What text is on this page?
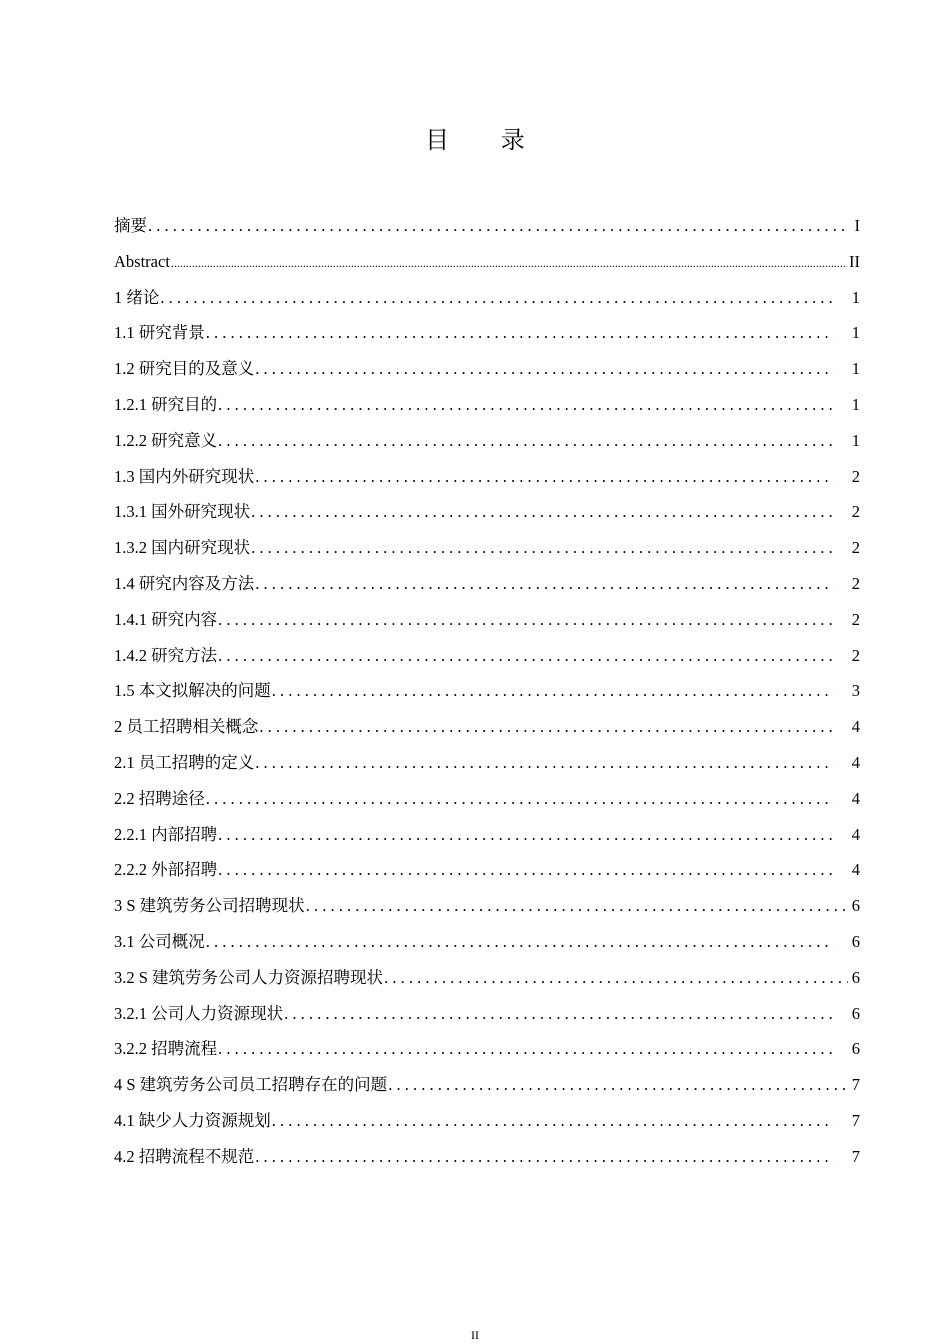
目 录
摘要 . . .	I
Abstract .....	II
1 绪论 . . .	1
1.1 研究背景 . . .	1
1.2 研究目的及意义 . . .	1
1.2.1 研究目的 . . .	1
1.2.2 研究意义 . . .	1
1.3 国内外研究现状 . . .	2
1.3.1 国外研究现状 . . .	2
1.3.2 国内研究现状 . . .	2
1.4 研究内容及方法 . . .	2
1.4.1 研究内容 . . .	2
1.4.2 研究方法 . . .	2
1.5 本文拟解决的问题 . . .	3
2 员工招聘相关概念 . . .	4
2.1 员工招聘的定义 . . .	4
2.2 招聘途径 . . .	4
2.2.1 内部招聘 . . .	4
2.2.2 外部招聘 . . .	4
3 S 建筑劳务公司招聘现状 . . .	6
3.1 公司概况 . . .	6
3.2 S 建筑劳务公司人力资源招聘现状 . . .	6
3.2.1 公司人力资源现状 . . .	6
3.2.2 招聘流程 . . .	6
4 S 建筑劳务公司员工招聘存在的问题 . . .	7
4.1 缺少人力资源规划 . . .	7
4.2 招聘流程不规范 . . .	7
II
